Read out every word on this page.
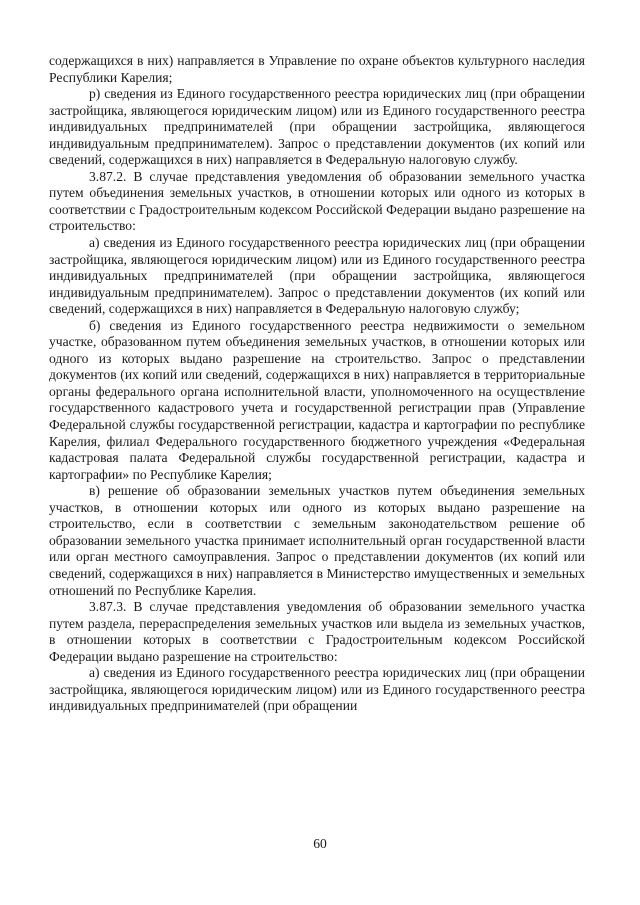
содержащихся в них) направляется в Управление по охране объектов культурного наследия Республики Карелия;

р) сведения из Единого государственного реестра юридических лиц (при обращении застройщика, являющегося юридическим лицом) или из Единого государственного реестра индивидуальных предпринимателей (при обращении застройщика, являющегося индивидуальным предпринимателем). Запрос о представлении документов (их копий или сведений, содержащихся в них) направляется в Федеральную налоговую службу.

3.87.2. В случае представления уведомления об образовании земельного участка путем объединения земельных участков, в отношении которых или одного из которых в соответствии с Градостроительным кодексом Российской Федерации выдано разрешение на строительство:

а) сведения из Единого государственного реестра юридических лиц (при обращении застройщика, являющегося юридическим лицом) или из Единого государственного реестра индивидуальных предпринимателей (при обращении застройщика, являющегося индивидуальным предпринимателем). Запрос о представлении документов (их копий или сведений, содержащихся в них) направляется в Федеральную налоговую службу;

б) сведения из Единого государственного реестра недвижимости о земельном участке, образованном путем объединения земельных участков, в отношении которых или одного из которых выдано разрешение на строительство. Запрос о представлении документов (их копий или сведений, содержащихся в них) направляется в территориальные органы федерального органа исполнительной власти, уполномоченного на осуществление государственного кадастрового учета и государственной регистрации прав (Управление Федеральной службы государственной регистрации, кадастра и картографии по республике Карелия, филиал Федерального государственного бюджетного учреждения «Федеральная кадастровая палата Федеральной службы государственной регистрации, кадастра и картографии» по Республике Карелия;

в) решение об образовании земельных участков путем объединения земельных участков, в отношении которых или одного из которых выдано разрешение на строительство, если в соответствии с земельным законодательством решение об образовании земельного участка принимает исполнительный орган государственной власти или орган местного самоуправления. Запрос о представлении документов (их копий или сведений, содержащихся в них) направляется в Министерство имущественных и земельных отношений по Республике Карелия.

3.87.3. В случае представления уведомления об образовании земельного участка путем раздела, перераспределения земельных участков или выдела из земельных участков, в отношении которых в соответствии с Градостроительным кодексом Российской Федерации выдано разрешение на строительство:

а) сведения из Единого государственного реестра юридических лиц (при обращении застройщика, являющегося юридическим лицом) или из Единого государственного реестра индивидуальных предпринимателей (при обращении

60
